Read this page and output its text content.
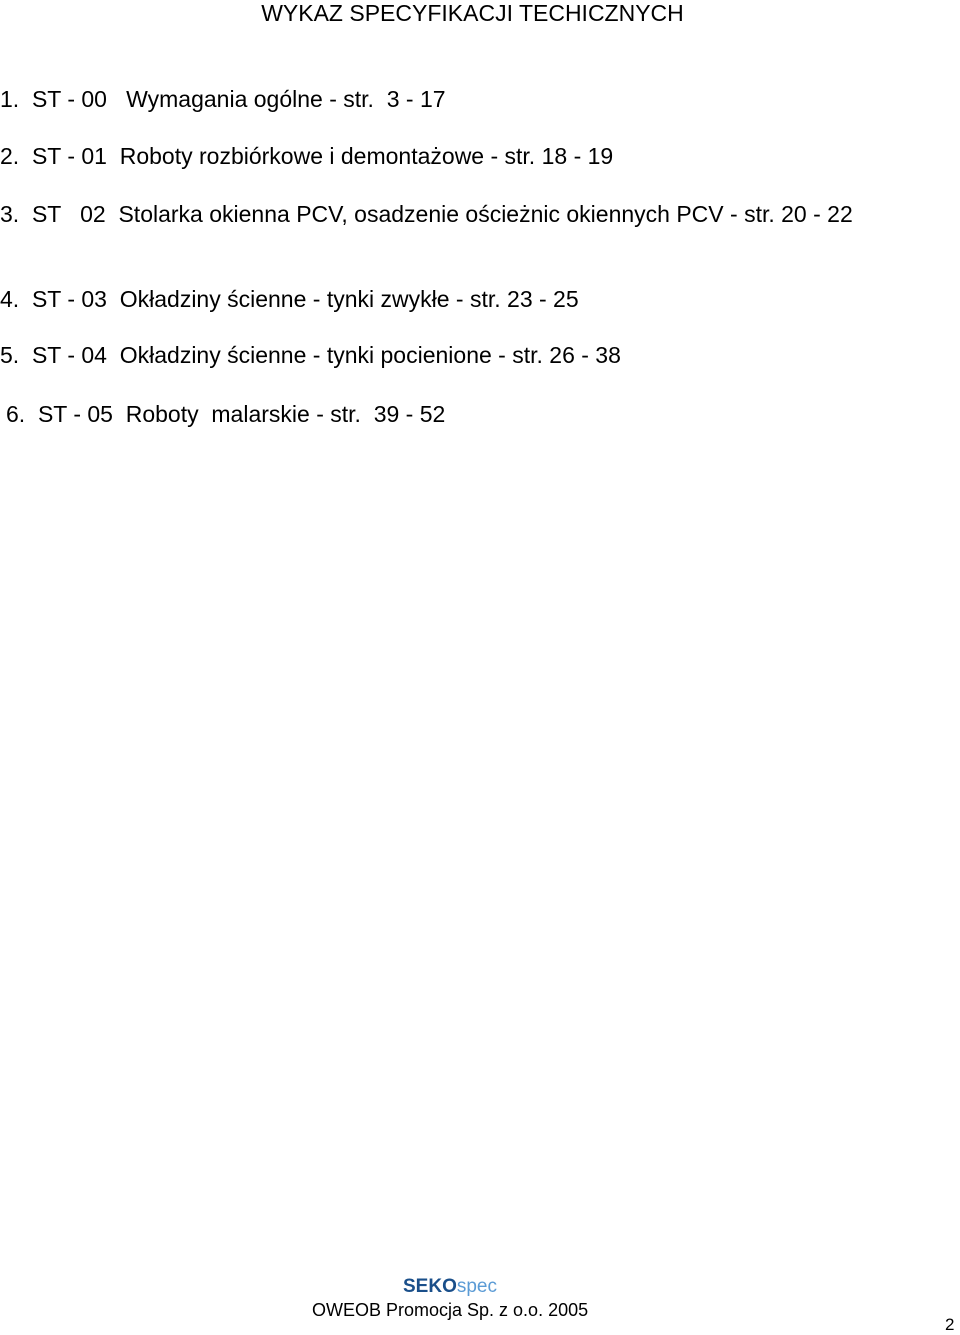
WYKAZ SPECYFIKACJI TECHICZNYCH
1.  ST - 00   Wymagania ogólne - str.  3 - 17
2.  ST - 01  Roboty rozbiórkowe i demontażowe - str. 18 - 19
3.  ST   02  Stolarka okienna PCV, osadzenie ościeżnic okiennych PCV - str. 20 - 22
4.  ST - 03  Okładziny ścienne - tynki zwykłe - str. 23 - 25
5.  ST - 04  Okładziny ścienne - tynki pocienione - str. 26 - 38
6.  ST - 05  Roboty  malarskie - str.  39 - 52
SEKOspec
OWEOB Promocja Sp. z o.o. 2005
2
